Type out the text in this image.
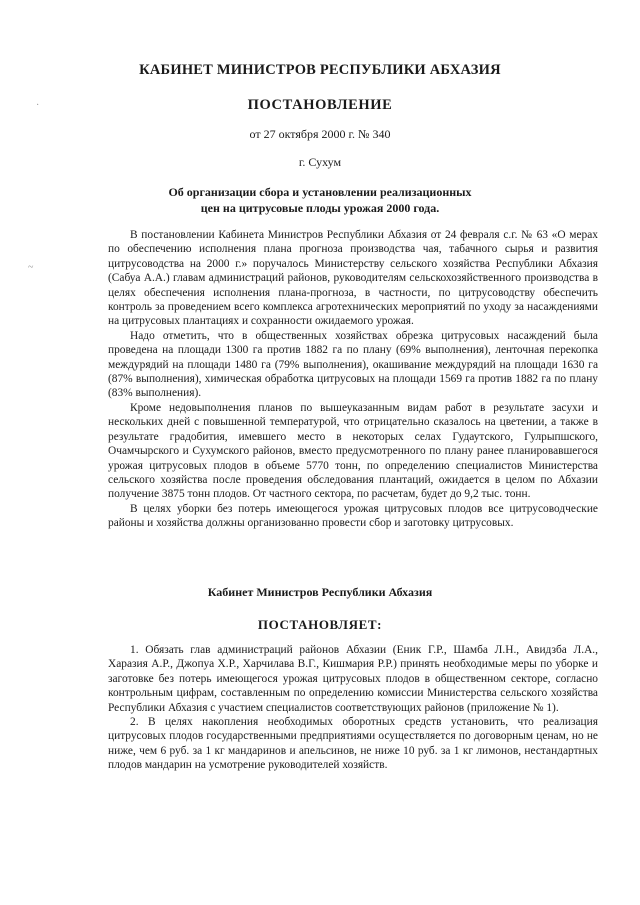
КАБИНЕТ МИНИСТРОВ РЕСПУБЛИКИ АБХАЗИЯ
ПОСТАНОВЛЕНИЕ
от 27 октября 2000 г. № 340
г. Сухум
Об организации сбора и установлении реализационных
цен на цитрусовые плоды урожая 2000 года.

В постановлении Кабинета Министров Республики Абхазия от 24 февраля с.г. № 63 «О мерах по обеспечению исполнения плана прогноза производства чая, табачного сырья и развития цитрусоводства на 2000 г.» поручалось Министерству сельского хозяйства Республики Абхазия (Сабуа А.А.) главам администраций районов, руководителям сельскохозяйственного производства в целях обеспечения исполнения плана-прогноза, в частности, по цитрусоводству обеспечить контроль за проведением всего комплекса агротехнических мероприятий по уходу за насаждениями на цитрусовых плантациях и сохранности ожидаемого урожая.

Надо отметить, что в общественных хозяйствах обрезка цитрусовых насаждений была проведена на площади 1300 га против 1882 га по плану (69% выполнения), ленточная перекопка междурядий на площади 1480 га (79% выполнения), окашивание междурядий на площади 1630 га (87% выполнения), химическая обработка цитрусовых на площади 1569 га против 1882 га по плану (83% выполнения).

Кроме недовыполнения планов по вышеуказанным видам работ в результате засухи и нескольких дней с повышенной температурой, что отрицательно сказалось на цветении, а также в результате градобития, имевшего место в некоторых селах Гудаутского, Гулрыпшского, Очамчырского и Сухумского районов, вместо предусмотренного по плану ранее планировавшегося урожая цитрусовых плодов в объеме 5770 тонн, по определению специалистов Министерства сельского хозяйства после проведения обследования плантаций, ожидается в целом по Абхазии получение 3875 тонн плодов. От частного сектора, по расчетам, будет до 9,2 тыс. тонн.

В целях уборки без потерь имеющегося урожая цитрусовых плодов все цитрусоводческие районы и хозяйства должны организованно провести сбор и заготовку цитрусовых.

Кабинет Министров Республики Абхазия
ПОСТАНОВЛЯЕТ:

1. Обязать глав администраций районов Абхазии (Еник Г.Р., Шамба Л.Н., Авидзба Л.А., Харазия А.Р., Джопуа Х.Р., Харчилава В.Г., Кишмария Р.Р.) принять необходимые меры по уборке и заготовке без потерь имеющегося урожая цитрусовых плодов в общественном секторе, согласно контрольным цифрам, составленным по определению комиссии Министерства сельского хозяйства Республики Абхазия с участием специалистов соответствующих районов (приложение № 1).

2. В целях накопления необходимых оборотных средств установить, что реализация цитрусовых плодов государственными предприятиями осуществляется по договорным ценам, но не ниже, чем 6 руб. за 1 кг мандаринов и апельсинов, не ниже 10 руб. за 1 кг лимонов, нестандартных плодов мандарин на усмотрение руководителей хозяйств.

·
~
